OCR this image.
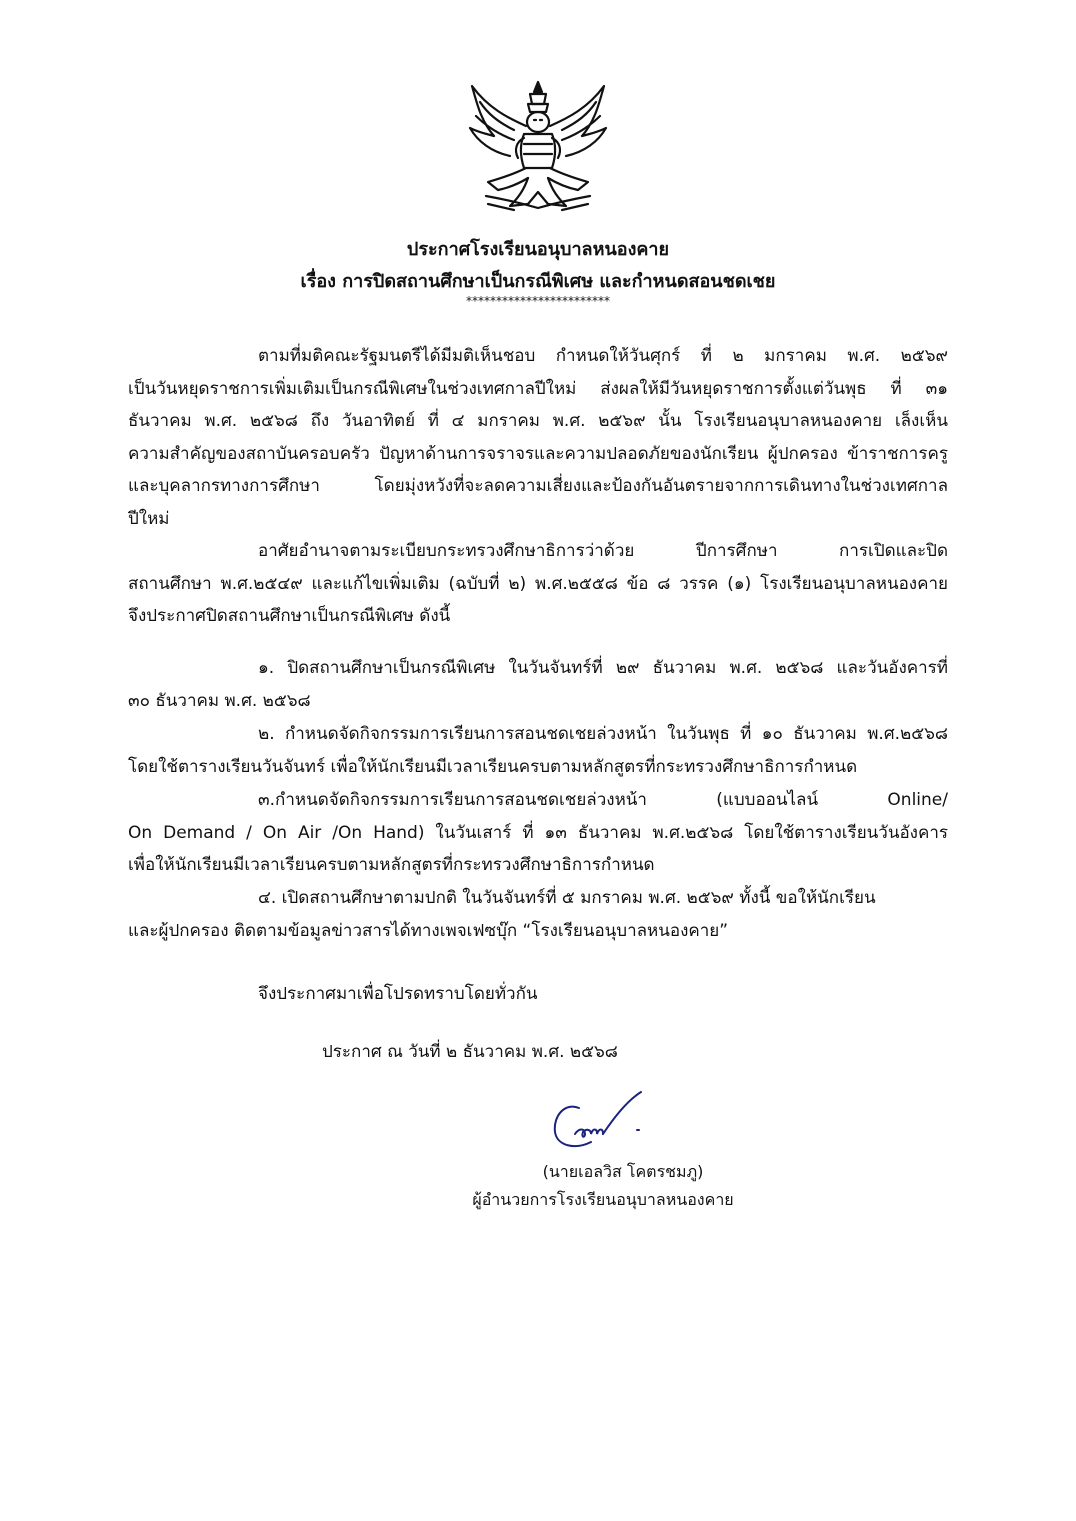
ประกาศโรงเรียนอนุบาลหนองคาย
เรื่อง การปิดสถานศึกษาเป็นกรณีพิเศษ และกำหนดสอนชดเชย
************************
ตามที่มติคณะรัฐมนตรีได้มีมติเห็นชอบ กำหนดให้วันศุกร์ ที่ ๒ มกราคม พ.ศ. ๒๕๖๙
เป็นวันหยุดราชการเพิ่มเติมเป็นกรณีพิเศษในช่วงเทศกาลปีใหม่ ส่งผลให้มีวันหยุดราชการตั้งแต่วันพุธ ที่ ๓๑
ธันวาคม พ.ศ. ๒๕๖๘ ถึง วันอาทิตย์ ที่ ๔ มกราคม พ.ศ. ๒๕๖๙ นั้น โรงเรียนอนุบาลหนองคาย เล็งเห็น
ความสำคัญของสถาบันครอบครัว ปัญหาด้านการจราจรและความปลอดภัยของนักเรียน ผู้ปกครอง ข้าราชการครู
และบุคลากรทางการศึกษา โดยมุ่งหวังที่จะลดความเสี่ยงและป้องกันอันตรายจากการเดินทางในช่วงเทศกาล
ปีใหม่
อาศัยอำนาจตามระเบียบกระทรวงศึกษาธิการว่าด้วย ปีการศึกษา การเปิดและปิด
สถานศึกษา พ.ศ.๒๕๔๙ และแก้ไขเพิ่มเติม (ฉบับที่ ๒) พ.ศ.๒๕๕๘ ข้อ ๘ วรรค (๑) โรงเรียนอนุบาลหนองคาย
จึงประกาศปิดสถานศึกษาเป็นกรณีพิเศษ ดังนี้
๑. ปิดสถานศึกษาเป็นกรณีพิเศษ ในวันจันทร์ที่ ๒๙ ธันวาคม พ.ศ. ๒๕๖๘ และวันอังคารที่
๓๐ ธันวาคม พ.ศ. ๒๕๖๘
๒. กำหนดจัดกิจกรรมการเรียนการสอนชดเชยล่วงหน้า ในวันพุธ ที่ ๑๐ ธันวาคม พ.ศ.๒๕๖๘
โดยใช้ตารางเรียนวันจันทร์ เพื่อให้นักเรียนมีเวลาเรียนครบตามหลักสูตรที่กระทรวงศึกษาธิการกำหนด
๓.กำหนดจัดกิจกรรมการเรียนการสอนชดเชยล่วงหน้า (แบบออนไลน์ Online/
On Demand / On Air /On Hand) ในวันเสาร์ ที่ ๑๓ ธันวาคม พ.ศ.๒๕๖๘ โดยใช้ตารางเรียนวันอังคาร
เพื่อให้นักเรียนมีเวลาเรียนครบตามหลักสูตรที่กระทรวงศึกษาธิการกำหนด
๔. เปิดสถานศึกษาตามปกติ ในวันจันทร์ที่ ๕ มกราคม พ.ศ. ๒๕๖๙ ทั้งนี้ ขอให้นักเรียน
และผู้ปกครอง ติดตามข้อมูลข่าวสารได้ทางเพจเฟซบุ๊ก “โรงเรียนอนุบาลหนองคาย”
จึงประกาศมาเพื่อโปรดทราบโดยทั่วกัน
ประกาศ ณ วันที่ ๒ ธันวาคม พ.ศ. ๒๕๖๘
(นายเอลวิส โคตรชมภู)
ผู้อำนวยการโรงเรียนอนุบาลหนองคาย
